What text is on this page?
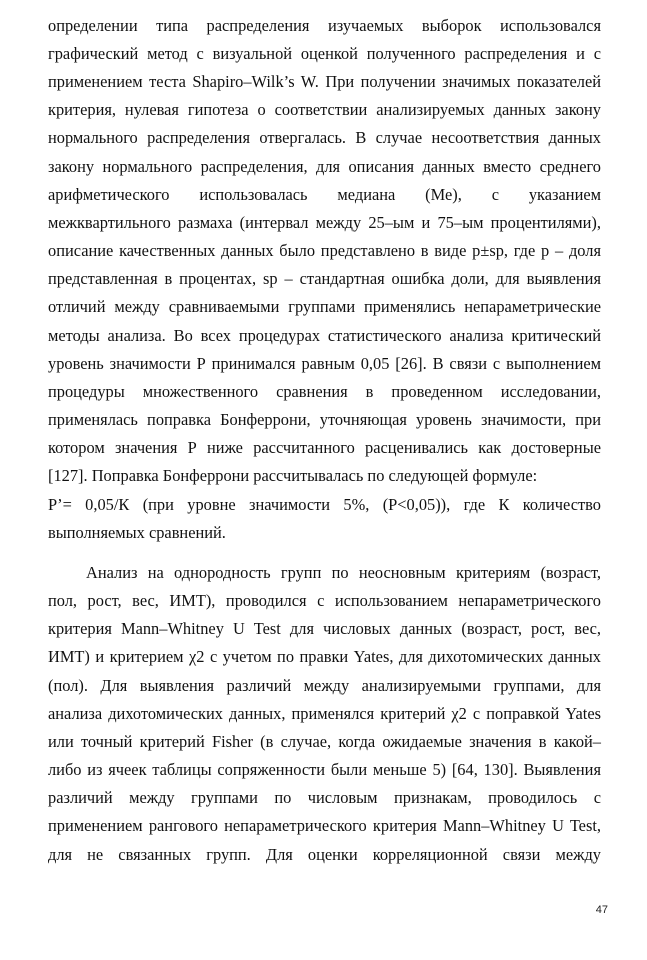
определении типа распределения изучаемых выборок использовался
графический метод с визуальной оценкой полученного распределения и с
применением теста Shapiro–Wilk’s W. При получении значимых показателей
критерия, нулевая гипотеза о соответствии анализируемых данных закону
нормального распределения отвергалась. В случае несоответствия данных
закону нормального распределения, для описания данных вместо среднего
арифметического использовалась медиана (Ме), с указанием
межквартильного размаха (интервал между 25–ым и 75–ым процентилями),
описание качественных данных было представлено в виде p±sp, где p – доля
представленная в процентах, sp – стандартная ошибка доли, для выявления
отличий между сравниваемыми группами применялись непараметрические
методы анализа. Во всех процедурах статистического анализа критический
уровень значимости Р принимался равным 0,05 [26]. В связи с выполнением
процедуры множественного сравнения в проведенном исследовании,
применялась поправка Бонферрони, уточняющая уровень значимости, при
котором значения Р ниже рассчитанного расценивались как достоверные
[127]. Поправка Бонферрони рассчитывалась по следующей формуле:
Р’= 0,05/К (при уровне значимости 5%, (Р<0,05)), где К количество
выполняемых сравнений.
Анализ на однородность групп по неосновным критериям (возраст,
пол, рост, вес, ИМТ), проводился с использованием непараметрического
критерия Mann–Whitney U Test для числовых данных (возраст, рост, вес,
ИМТ) и критерием χ2 с учетом по правки Yates, для дихотомических данных
(пол). Для выявления различий между анализируемыми группами, для
анализа дихотомических данных, применялся критерий χ2 с поправкой Yates
или точный критерий Fisher (в случае, когда ожидаемые значения в какой–
либо из ячеек таблицы сопряженности были меньше 5) [64, 130]. Выявления
различий между группами по числовым признакам, проводилось с
применением рангового непараметрического критерия Mann–Whitney U Test,
для не связанных групп. Для оценки корреляционной связи между
47
